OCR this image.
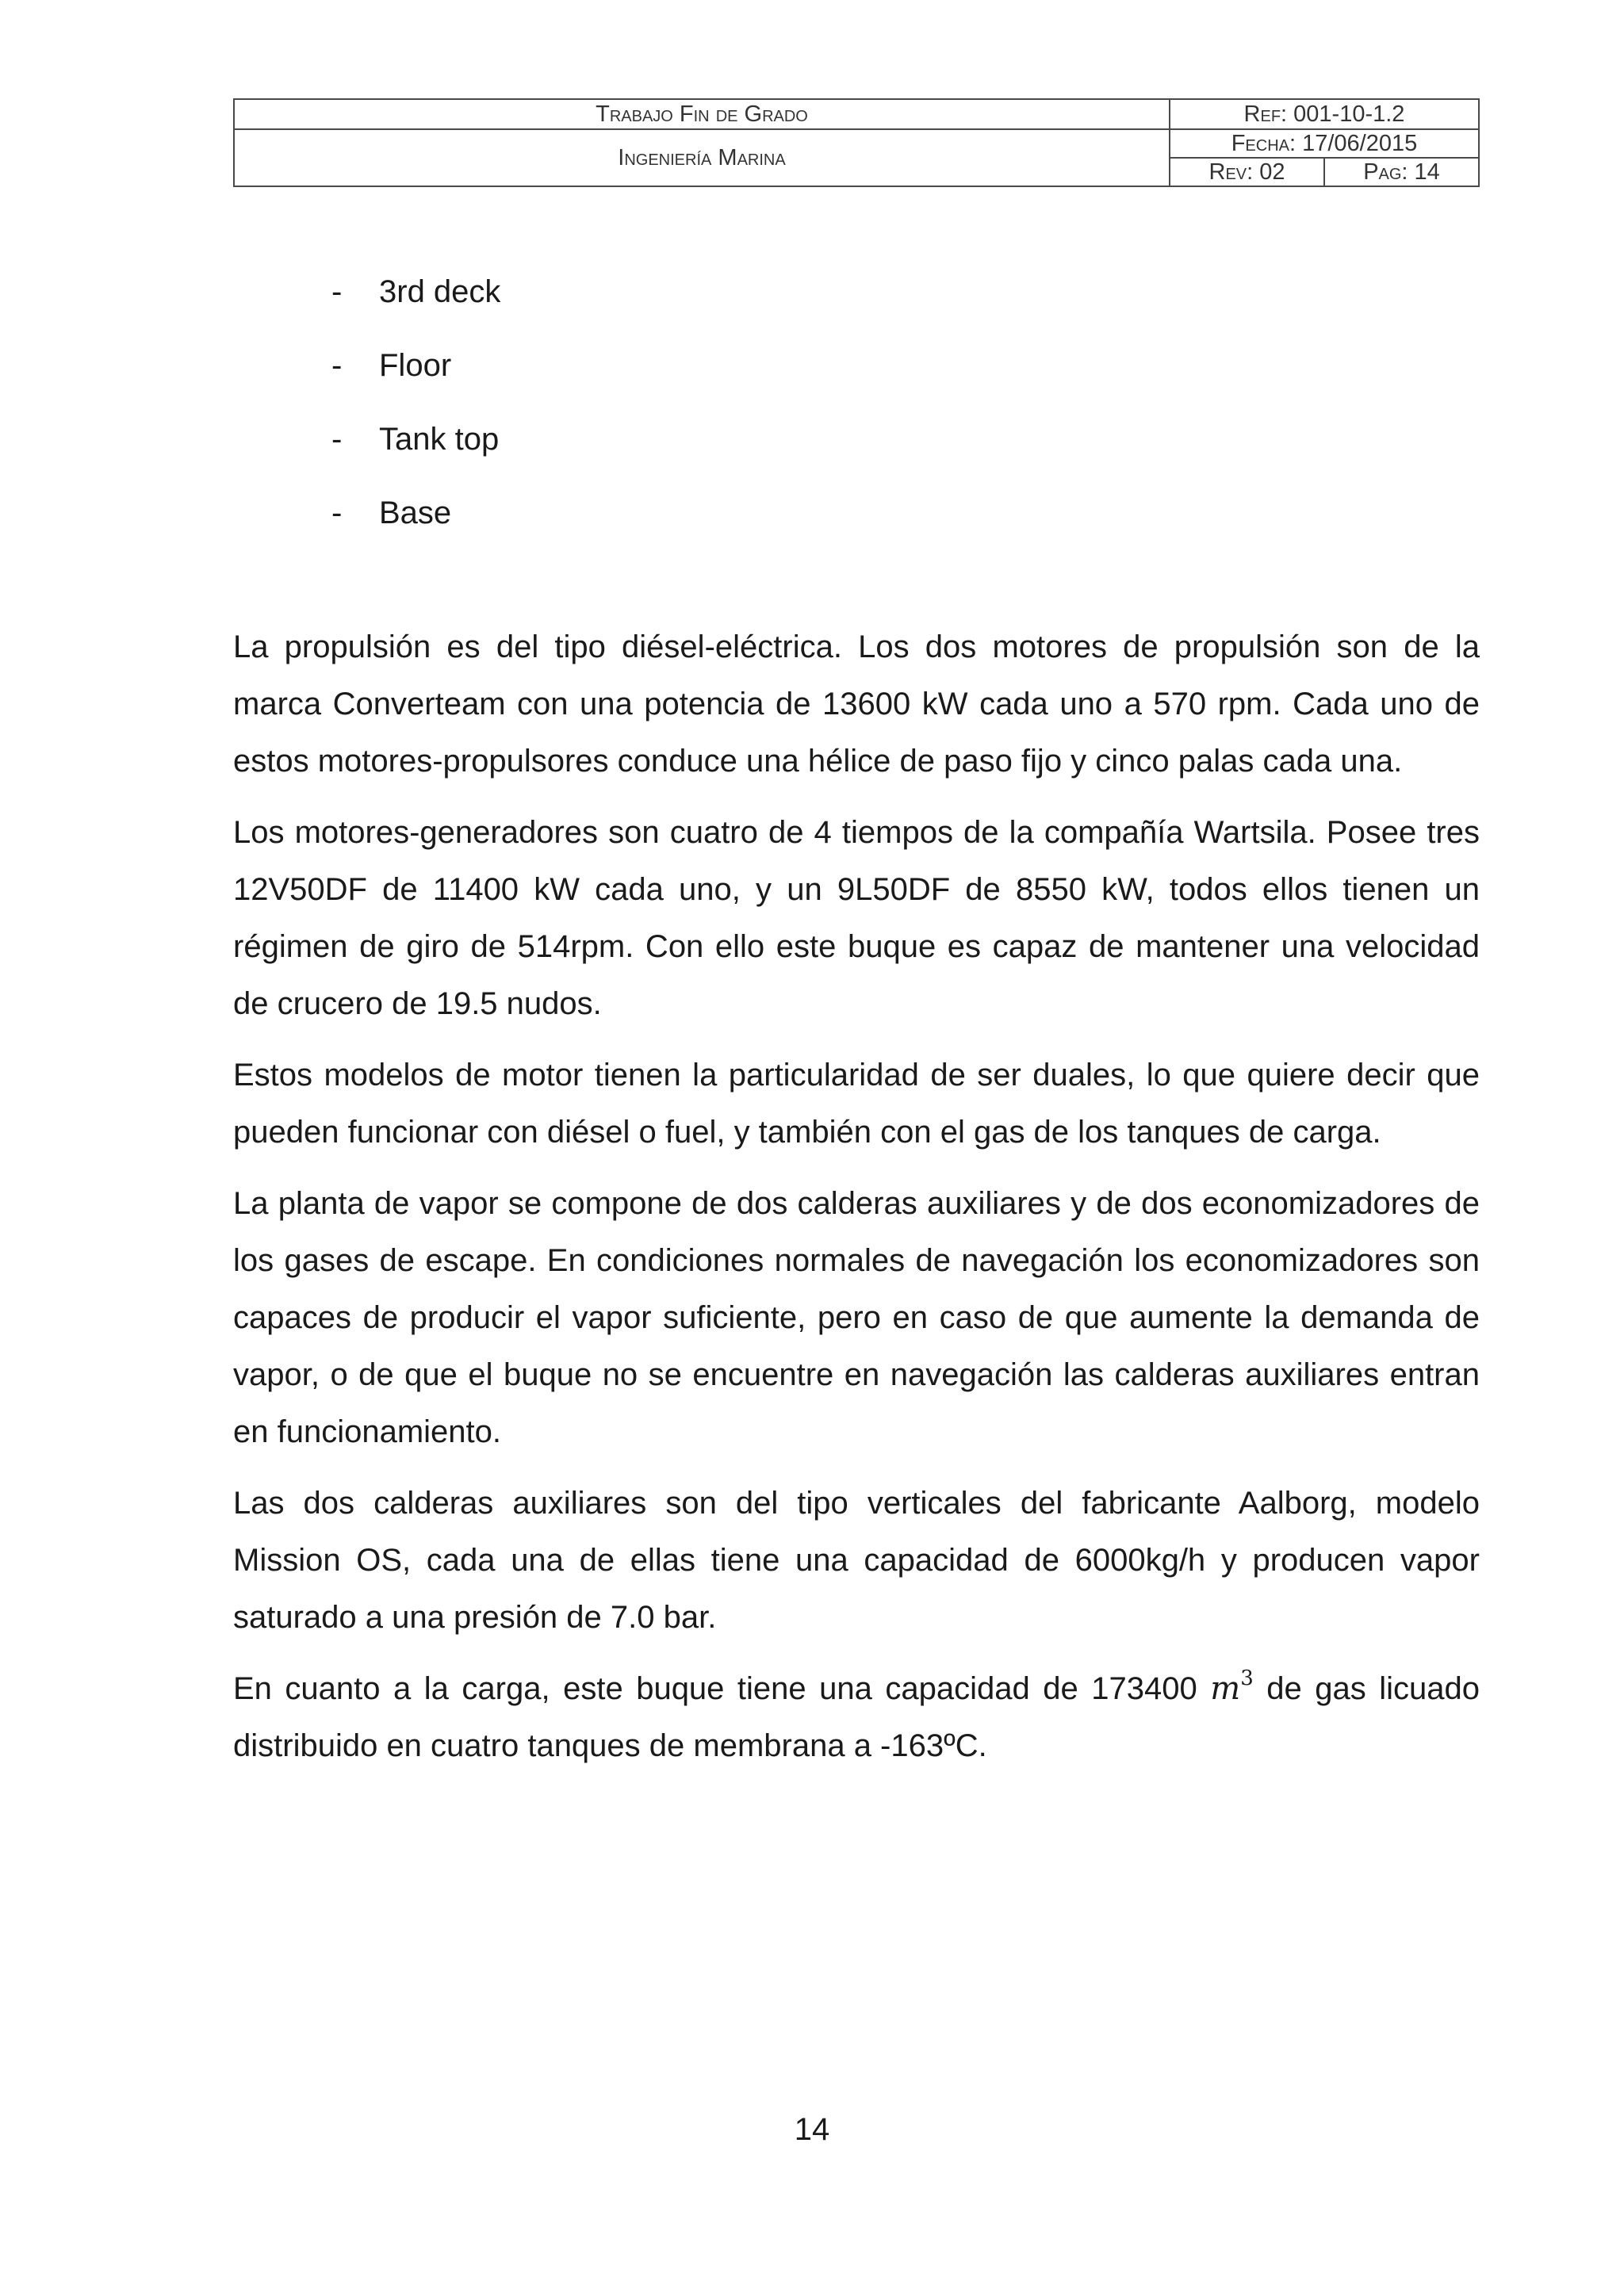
Trabajo Fin de Grado	Ref: 001-10-1.2	
Ingeniería Marina	Fecha: 17/06/2015	
	Rev: 02	Pag: 14
- 3rd deck
- Floor
- Tank top
- Base

La propulsión es del tipo diésel-eléctrica. Los dos motores de propulsión son de la marca Converteam con una potencia de 13600 kW cada uno a 570 rpm. Cada uno de estos motores-propulsores conduce una hélice de paso fijo y cinco palas cada una.

Los motores-generadores son cuatro de 4 tiempos de la compañía Wartsila. Posee tres 12V50DF de 11400 kW cada uno, y un 9L50DF de 8550 kW, todos ellos tienen un régimen de giro de 514rpm. Con ello este buque es capaz de mantener una velocidad de crucero de 19.5 nudos.

Estos modelos de motor tienen la particularidad de ser duales, lo que quiere decir que pueden funcionar con diésel o fuel, y también con el gas de los tanques de carga.

La planta de vapor se compone de dos calderas auxiliares y de dos economizadores de los gases de escape. En condiciones normales de navegación los economizadores son capaces de producir el vapor suficiente, pero en caso de que aumente la demanda de vapor, o de que el buque no se encuentre en navegación las calderas auxiliares entran en funcionamiento.

Las dos calderas auxiliares son del tipo verticales del fabricante Aalborg, modelo Mission OS, cada una de ellas tiene una capacidad de 6000kg/h y producen vapor saturado a una presión de 7.0 bar.

En cuanto a la carga, este buque tiene una capacidad de 173400 $m^3$ de gas licuado distribuido en cuatro tanques de membrana a -163ºC.

14
